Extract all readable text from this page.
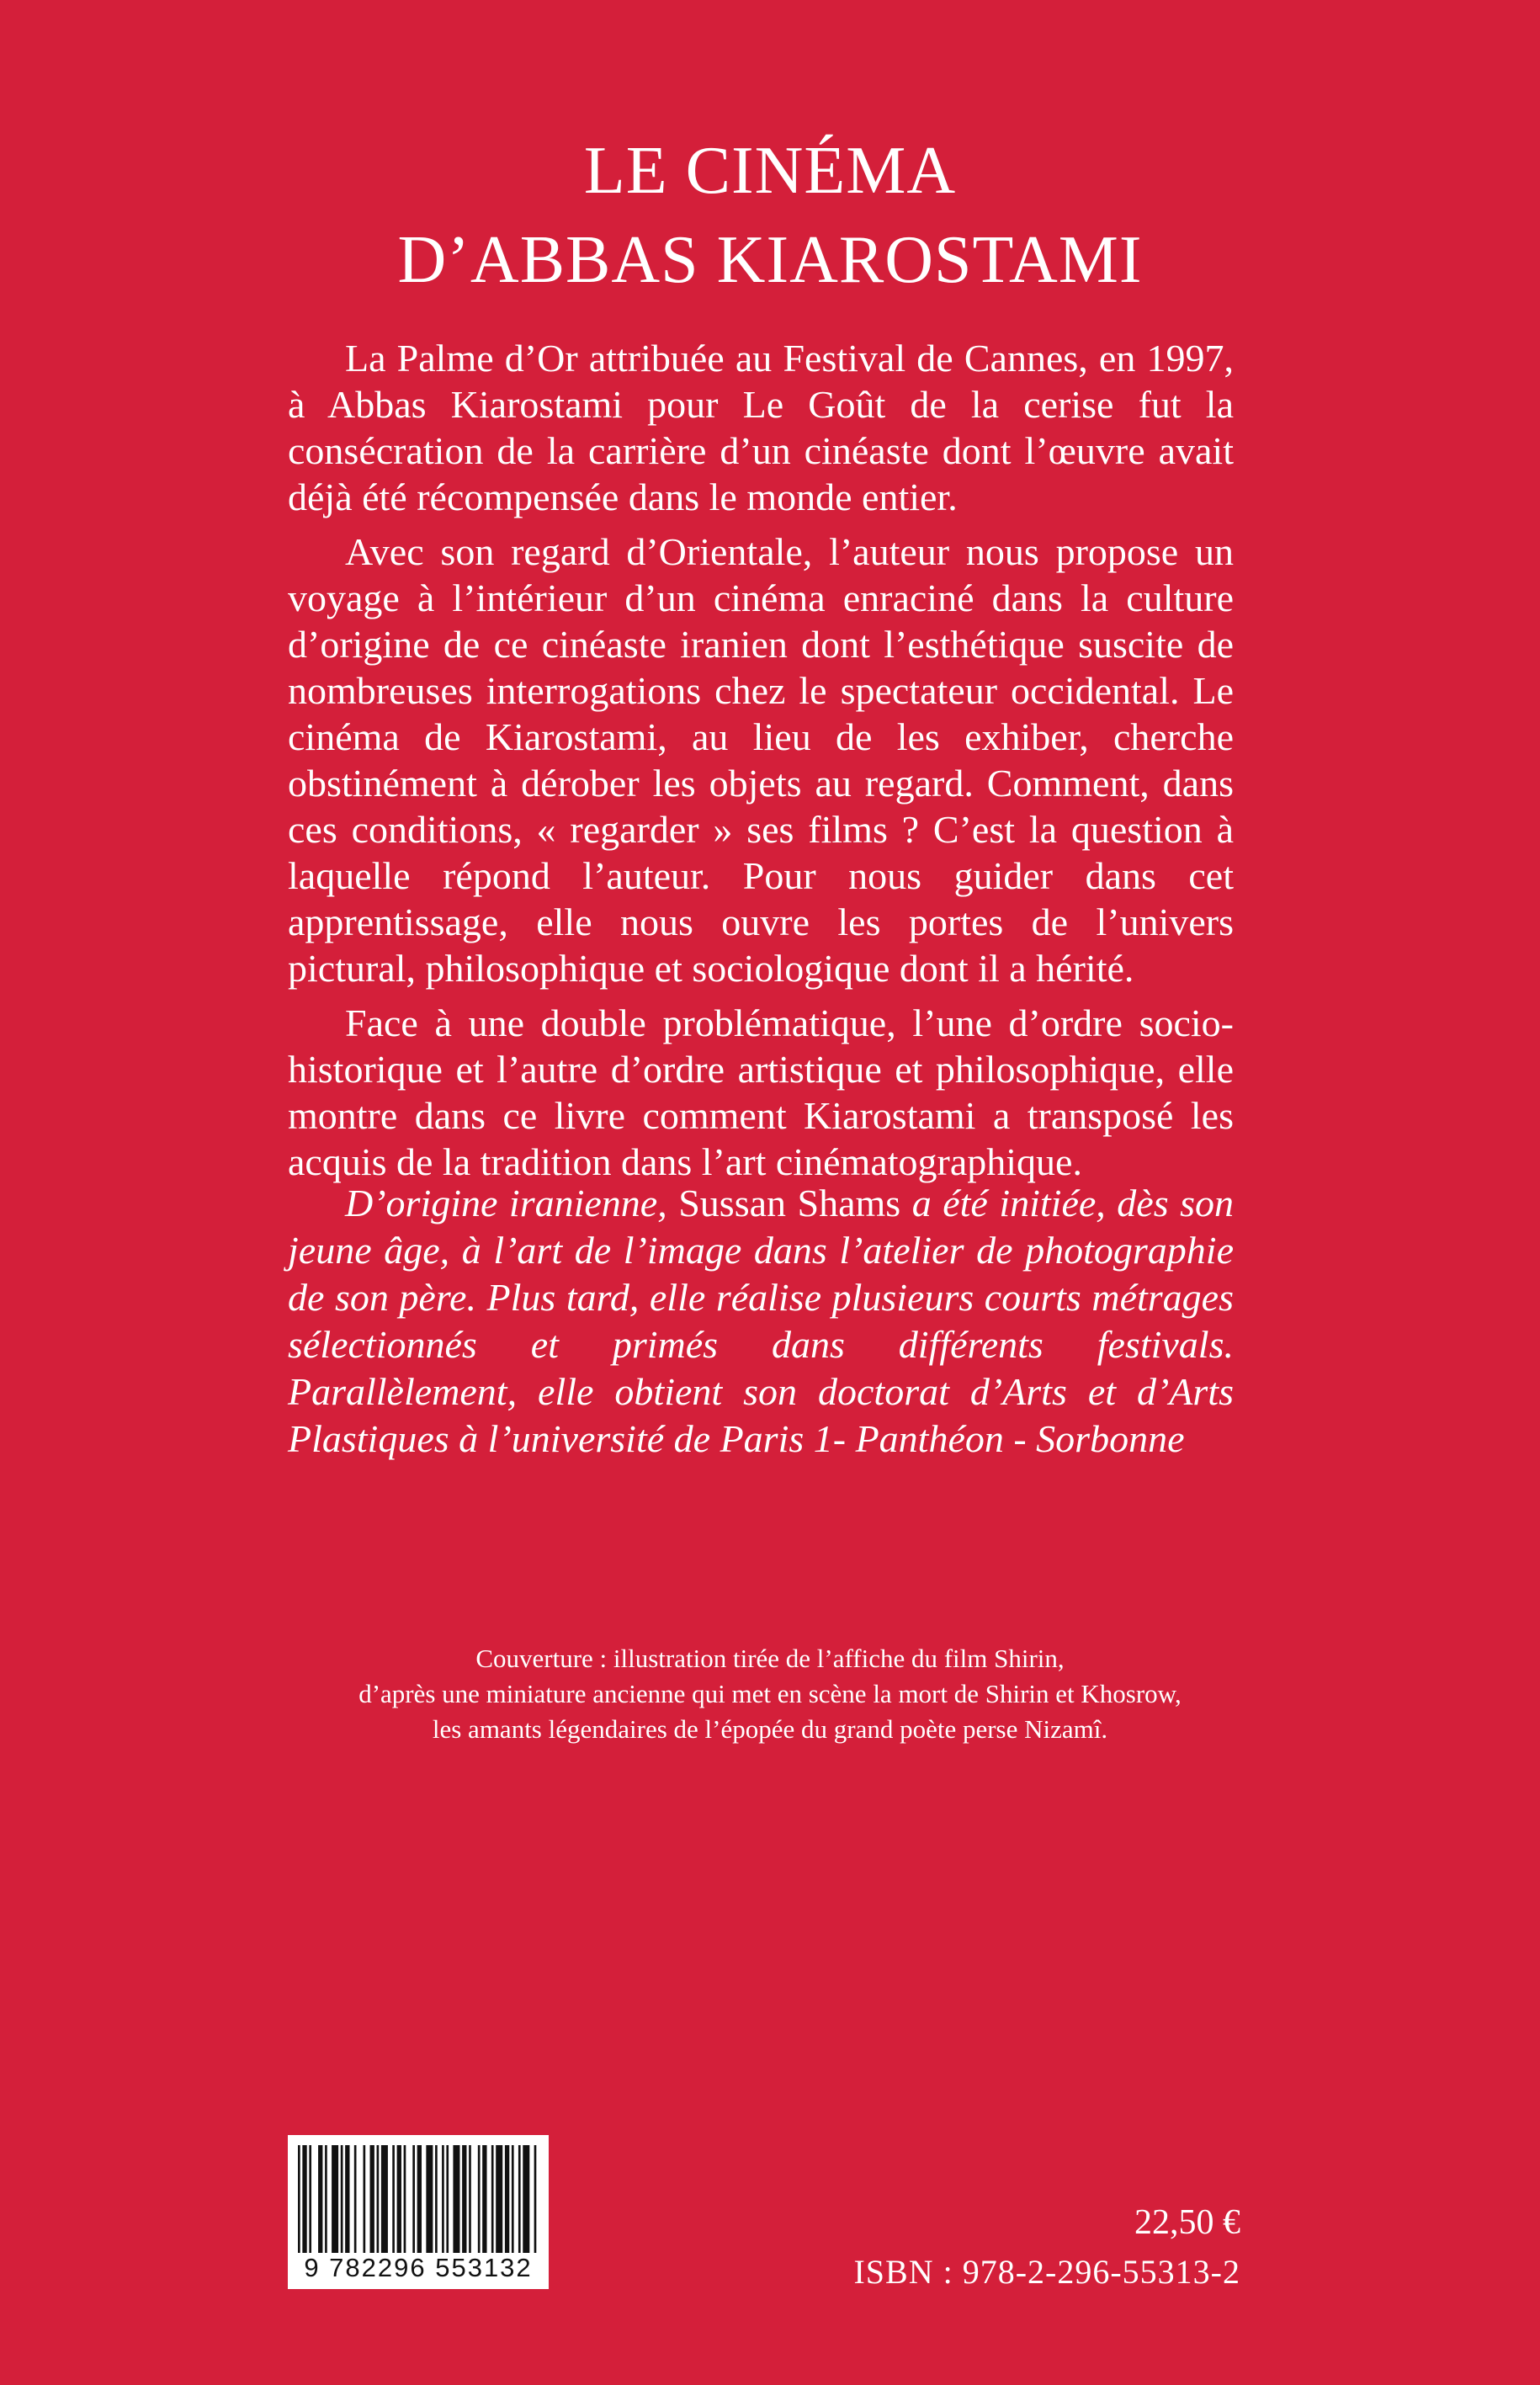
LE CINÉMA
D’ABBAS KIAROSTAMI

La Palme d’Or attribuée au Festival de Cannes, en 1997, à Abbas Kiarostami pour Le Goût de la cerise fut la consécration de la carrière d’un cinéaste dont l’œuvre avait déjà été récompensée dans le monde entier.

Avec son regard d’Orientale, l’auteur nous propose un voyage à l’intérieur d’un cinéma enraciné dans la culture d’origine de ce cinéaste iranien dont l’esthétique suscite de nombreuses interrogations chez le spectateur occidental. Le cinéma de Kiarostami, au lieu de les exhiber, cherche obstinément à dérober les objets au regard. Comment, dans ces conditions, « regarder » ses films ? C’est la question à laquelle répond l’auteur. Pour nous guider dans cet apprentissage, elle nous ouvre les portes de l’univers pictural, philosophique et sociologique dont il a hérité.

Face à une double problématique, l’une d’ordre socio-historique et l’autre d’ordre artistique et philosophique, elle montre dans ce livre comment Kiarostami a transposé les acquis de la tradition dans l’art cinématographique.

D’origine iranienne, Sussan Shams a été initiée, dès son jeune âge, à l’art de l’image dans l’atelier de photographie de son père. Plus tard, elle réalise plusieurs courts métrages sélectionnés et primés dans différents festivals. Parallèlement, elle obtient son doctorat d’Arts et d’Arts Plastiques à l’université de Paris 1- Panthéon - Sorbonne
Couverture : illustration tirée de l’affiche du film Shirin,
d’après une miniature ancienne qui met en scène la mort de Shirin et Khosrow,
les amants légendaires de l’épopée du grand poète perse Nizamî.
9 782296 553132
22,50 €
ISBN : 978-2-296-55313-2
